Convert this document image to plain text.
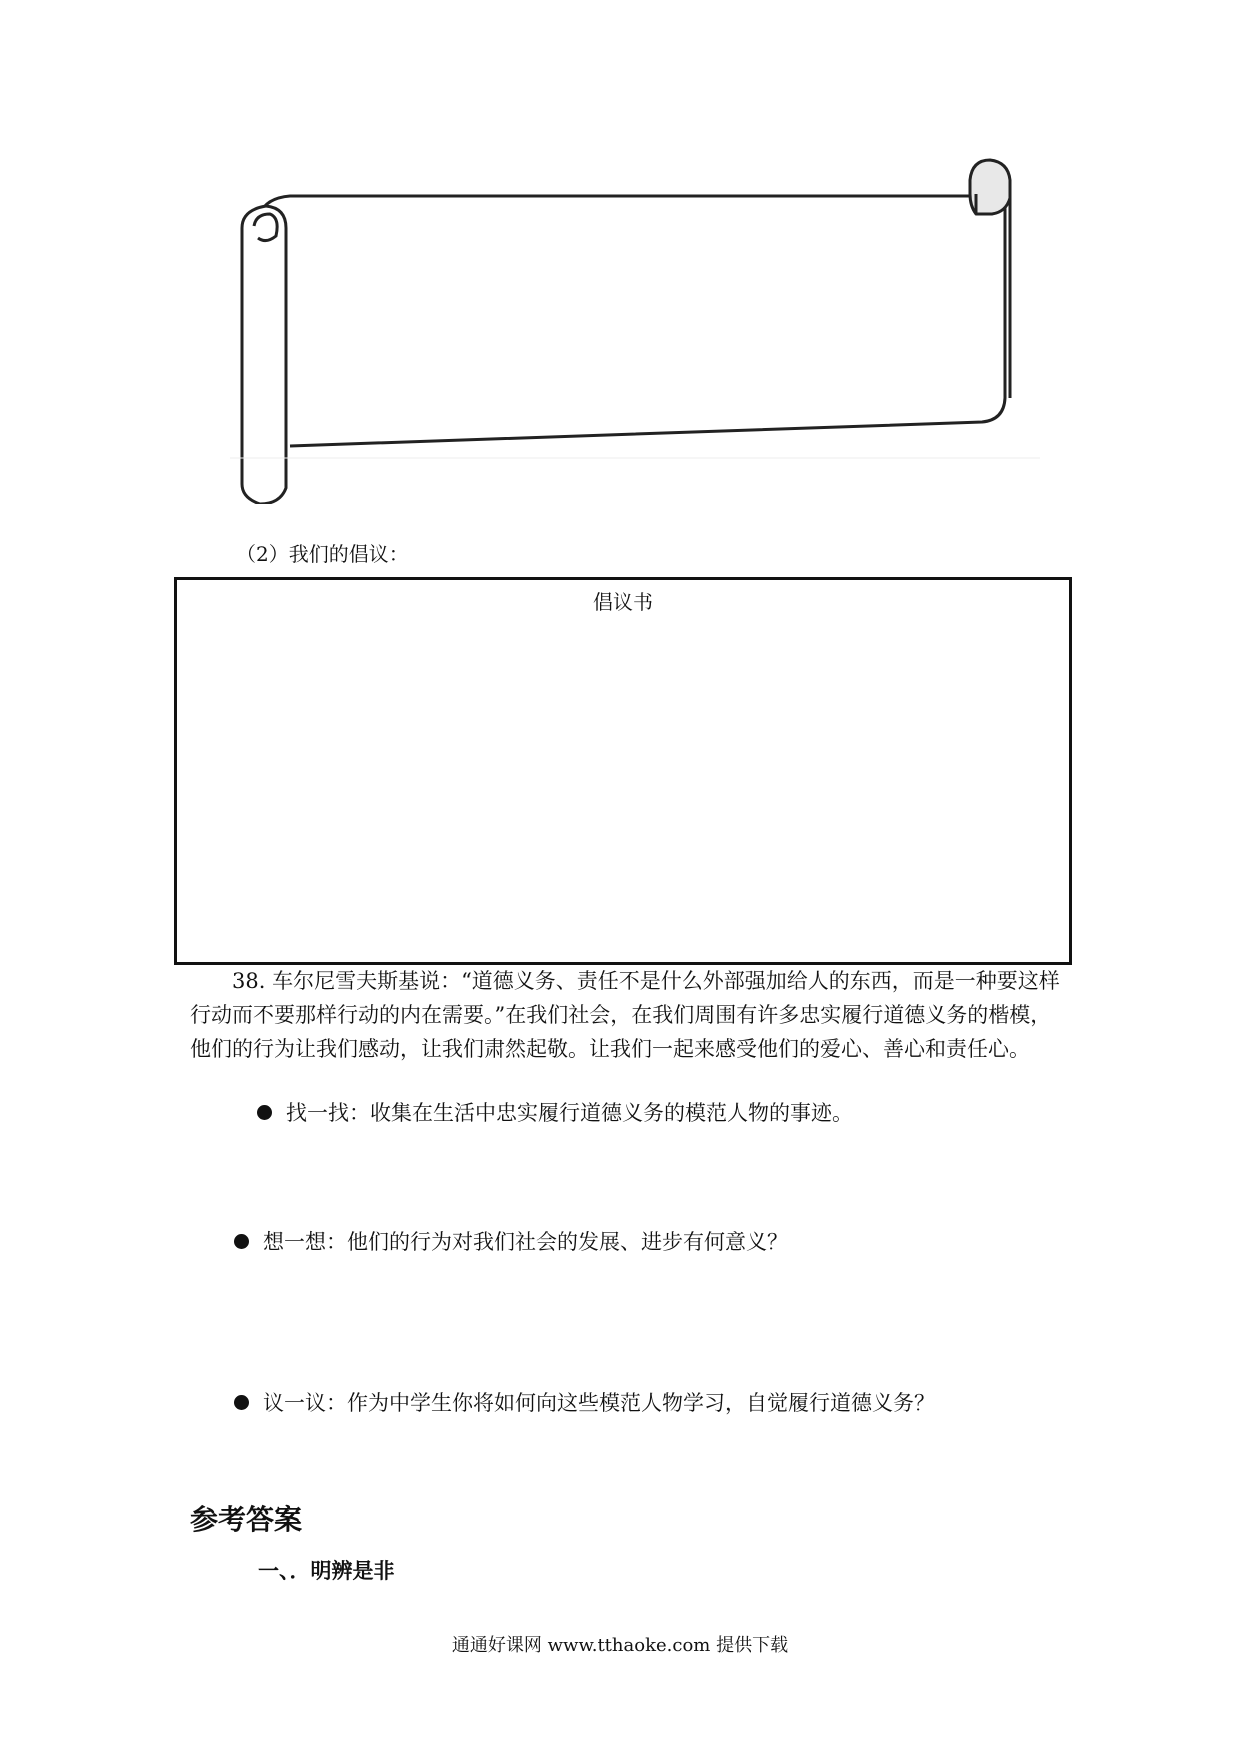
（2）我们的倡议：
倡议书
38. 车尔尼雪夫斯基说：“道德义务、责任不是什么外部强加给人的东西，而是一种要这样行动而不要那样行动的内在需要。”在我们社会，在我们周围有许多忠实履行道德义务的楷模，他们的行为让我们感动，让我们肃然起敬。让我们一起来感受他们的爱心、善心和责任心。
找一找：收集在生活中忠实履行道德义务的模范人物的事迹。
想一想：他们的行为对我们社会的发展、进步有何意义？
议一议：作为中学生你将如何向这些模范人物学习，自觉履行道德义务？
参考答案
一、．明辨是非
通通好课网 www.tthaoke.com 提供下载
